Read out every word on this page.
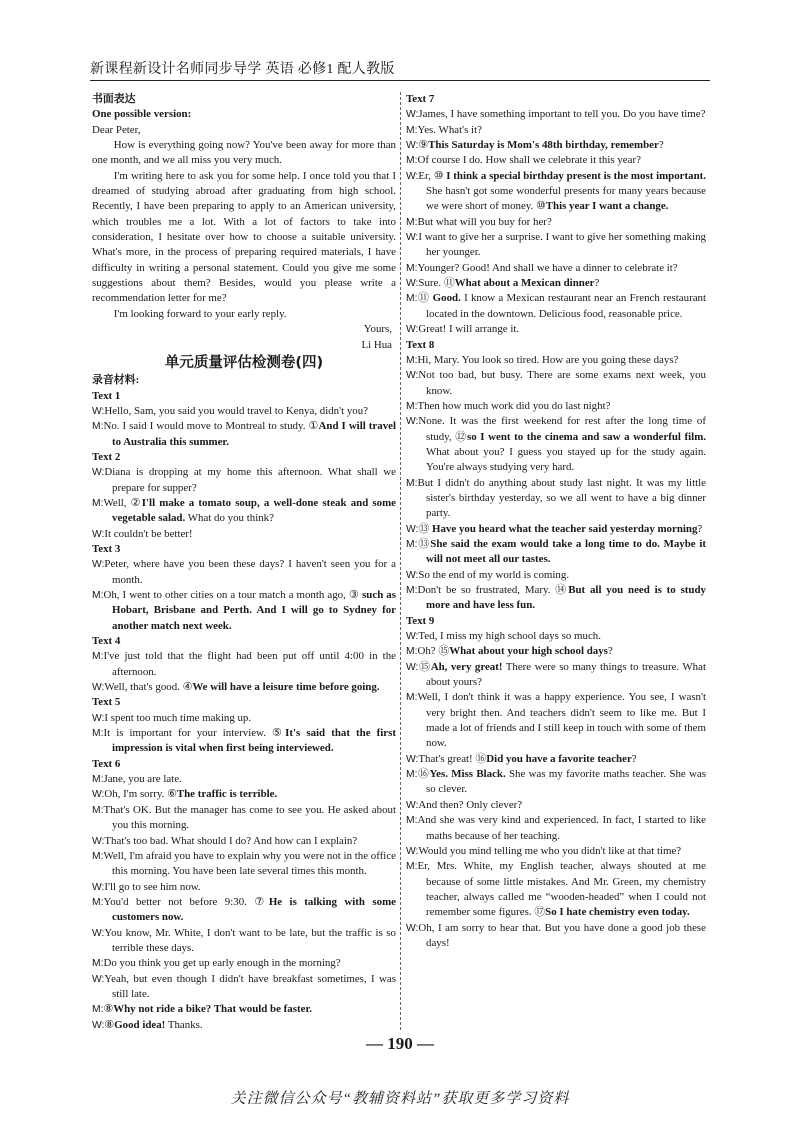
新课程新设计名师同步导学 英语 必修1 配人教版
书面表达
One possible version:

Dear Peter,

How is everything going now? You've been away for more than one month, and we all miss you very much.

I'm writing here to ask you for some help. I once told you that I dreamed of studying abroad after graduating from high school. Recently, I have been preparing to apply to an American university, which troubles me a lot. With a lot of factors to take into consideration, I hesitate over how to choose a suitable university. What's more, in the process of preparing required materials, I have difficulty in writing a personal statement. Could you give me some suggestions about them? Besides, would you please write a recommendation letter for me?

I'm looking forward to your early reply.

Yours,
Li Hua
单元质量评估检测卷(四)
录音材料:
Text 1

W:Hello, Sam, you said you would travel to Kenya, didn't you?

M:No. I said I would move to Montreal to study. ①And I will travel to Australia this summer.

Text 2

W:Diana is dropping at my home this afternoon. What shall we prepare for supper?

M:Well, ②I'll make a tomato soup, a well-done steak and some vegetable salad. What do you think?

W:It couldn't be better!

Text 3

W:Peter, where have you been these days? I haven't seen you for a month.

M:Oh, I went to other cities on a tour match a month ago, ③ such as Hobart, Brisbane and Perth. And I will go to Sydney for another match next week.

Text 4

M:I've just told that the flight had been put off until 4:00 in the afternoon.

W:Well, that's good. ④We will have a leisure time before going.

Text 5

W:I spent too much time making up.

M:It is important for your interview. ⑤It's said that the first impression is vital when first being interviewed.

Text 6

M:Jane, you are late.

W:Oh, I'm sorry. ⑥The traffic is terrible.

M:That's OK. But the manager has come to see you. He asked about you this morning.

W:That's too bad. What should I do? And how can I explain?

M:Well, I'm afraid you have to explain why you were not in the office this morning. You have been late several times this month.

W:I'll go to see him now.

M:You'd better not before 9:30. ⑦He is talking with some customers now.

W:You know, Mr. White, I don't want to be late, but the traffic is so terrible these days.

M:Do you think you get up early enough in the morning?

W:Yeah, but even though I didn't have breakfast sometimes, I was still late.

M:⑧Why not ride a bike? That would be faster.

W:⑧Good idea! Thanks.

Text 7

W:James, I have something important to tell you. Do you have time?

M:Yes. What's it?

W:⑨This Saturday is Mom's 48th birthday, remember?

M:Of course I do. How shall we celebrate it this year?

W:Er, ⑩ I think a special birthday present is the most important. She hasn't got some wonderful presents for many years because we were short of money. ⑩This year I want a change.

M:But what will you buy for her?

W:I want to give her a surprise. I want to give her something making her younger.

M:Younger? Good! And shall we have a dinner to celebrate it?

W:Sure. ⑪What about a Mexican dinner?

M:⑪ Good. I know a Mexican restaurant near an French restaurant located in the downtown. Delicious food, reasonable price.

W:Great! I will arrange it.

Text 8

M:Hi, Mary. You look so tired. How are you going these days?

W:Not too bad, but busy. There are some exams next week, you know.

M:Then how much work did you do last night?

W:None. It was the first weekend for rest after the long time of study, ⑫so I went to the cinema and saw a wonderful film. What about you? I guess you stayed up for the study again. You're always studying very hard.

M:But I didn't do anything about study last night. It was my little sister's birthday yesterday, so we all went to have a big dinner party.

W:⑬ Have you heard what the teacher said yesterday morning?

M:⑬She said the exam would take a long time to do. Maybe it will not meet all our tastes.

W:So the end of my world is coming.

M:Don't be so frustrated, Mary. ⑭But all you need is to study more and have less fun.

Text 9

W:Ted, I miss my high school days so much.

M:Oh? ⑮What about your high school days?

W:⑮Ah, very great! There were so many things to treasure. What about yours?

M:Well, I don't think it was a happy experience. You see, I wasn't very bright then. And teachers didn't seem to like me. But I made a lot of friends and I still keep in touch with some of them now.

W:That's great! ⑯Did you have a favorite teacher?

M:⑯Yes. Miss Black. She was my favorite maths teacher. She was so clever.

W:And then? Only clever?

M:And she was very kind and experienced. In fact, I started to like maths because of her teaching.

W:Would you mind telling me who you didn't like at that time?

M:Er, Mrs. White, my English teacher, always shouted at me because of some little mistakes. And Mr. Green, my chemistry teacher, always called me “wooden-headed” when I could not remember some figures. ⑰So I hate chemistry even today.

W:Oh, I am sorry to hear that. But you have done a good job these days!

— 190 —
关注微信公众号“教辅资料站”获取更多学习资料
